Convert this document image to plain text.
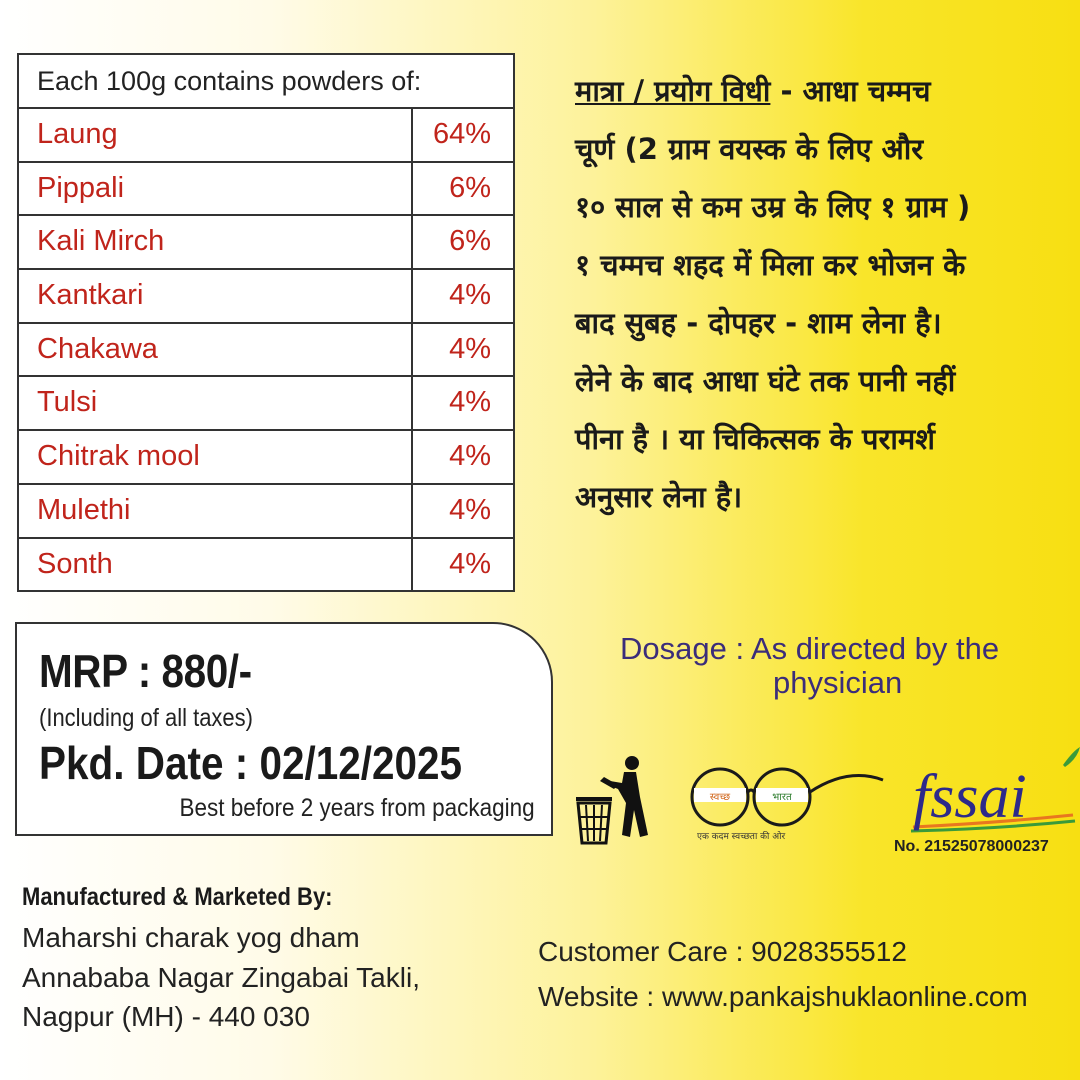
Each 100g contains powders of:
Laung	64%
Pippali	6%
Kali Mirch	6%
Kantkari	4%
Chakawa	4%
Tulsi	4%
Chitrak mool	4%
Mulethi	4%
Sonth	4%
मात्रा / प्रयोग विधी - आधा चम्मच
चूर्ण (2 ग्राम वयस्क के लिए और
१० साल से कम उम्र के लिए १ ग्राम )
१ चम्मच शहद में मिला कर भोजन के
बाद सुबह - दोपहर - शाम लेना है।
लेने के बाद आधा घंटे तक पानी नहीं
पीना है । या चिकित्सक के परामर्श
अनुसार लेना है।
MRP : 880/-
(Including of all taxes)
Pkd. Date : 02/12/2025
Best before 2 years from packaging
Dosage : As directed by the
physician
स्वच्छ	भारत
एक कदम स्वच्छता की ओर
fssai
No. 21525078000237
Manufactured & Marketed By:
Maharshi charak yog dham
Annababa Nagar Zingabai Takli,
Nagpur (MH) - 440 030
Customer Care : 9028355512
Website : www.pankajshuklaonline.com
